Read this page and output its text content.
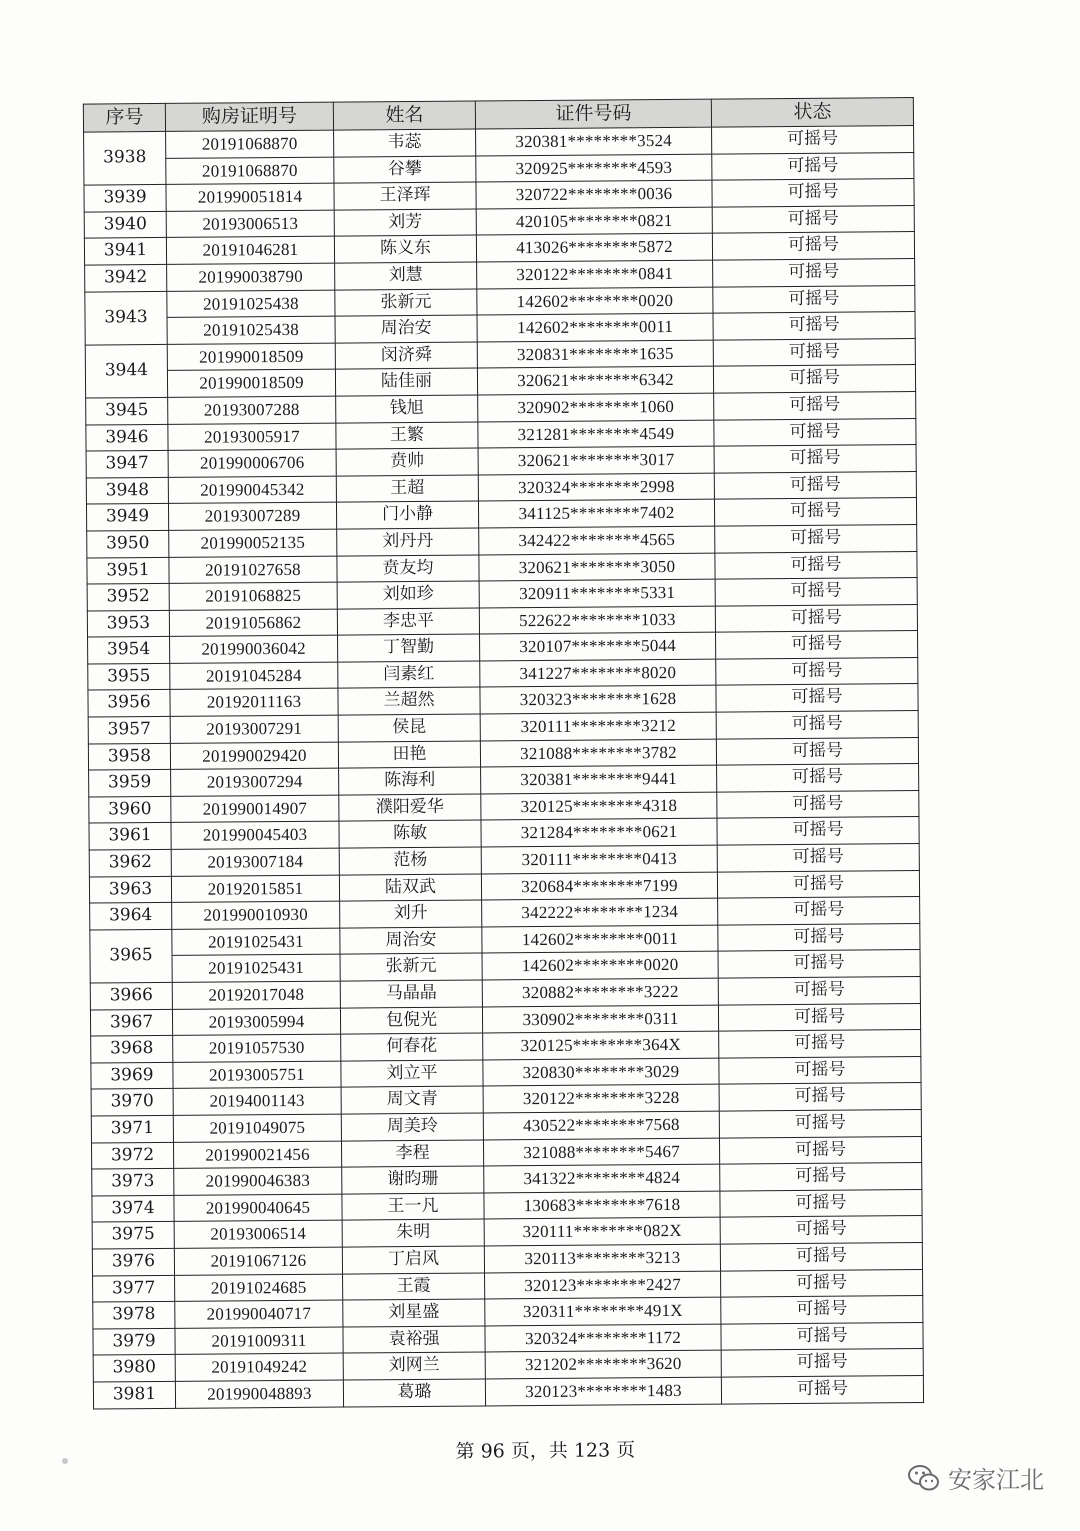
序号	购房证明号	姓名	证件号码	状态
3938	20191068870	韦蕊	320381********3524	可摇号
	20191068870	谷攀	320925********4593	可摇号
3939	201990051814	王泽珲	320722********0036	可摇号
3940	20193006513	刘芳	420105********0821	可摇号
3941	20191046281	陈义东	413026********5872	可摇号
3942	201990038790	刘慧	320122********0841	可摇号
3943	20191025438	张新元	142602********0020	可摇号
	20191025438	周治安	142602********0011	可摇号
3944	201990018509	闵济舜	320831********1635	可摇号
	201990018509	陆佳丽	320621********6342	可摇号
3945	20193007288	钱旭	320902********1060	可摇号
3946	20193005917	王繁	321281********4549	可摇号
3947	201990006706	贲帅	320621********3017	可摇号
3948	201990045342	王超	320324********2998	可摇号
3949	20193007289	门小静	341125********7402	可摇号
3950	201990052135	刘丹丹	342422********4565	可摇号
3951	20191027658	贲友均	320621********3050	可摇号
3952	20191068825	刘如珍	320911********5331	可摇号
3953	20191056862	李忠平	522622********1033	可摇号
3954	201990036042	丁智勤	320107********5044	可摇号
3955	20191045284	闫素红	341227********8020	可摇号
3956	20192011163	兰超然	320323********1628	可摇号
3957	20193007291	侯昆	320111********3212	可摇号
3958	201990029420	田艳	321088********3782	可摇号
3959	20193007294	陈海利	320381********9441	可摇号
3960	201990014907	濮阳爱华	320125********4318	可摇号
3961	201990045403	陈敏	321284********0621	可摇号
3962	20193007184	范杨	320111********0413	可摇号
3963	20192015851	陆双武	320684********7199	可摇号
3964	201990010930	刘升	342222********1234	可摇号
3965	20191025431	周治安	142602********0011	可摇号
	20191025431	张新元	142602********0020	可摇号
3966	20192017048	马晶晶	320882********3222	可摇号
3967	20193005994	包倪光	330902********0311	可摇号
3968	20191057530	何春花	320125********364X	可摇号
3969	20193005751	刘立平	320830********3029	可摇号
3970	20194001143	周文青	320122********3228	可摇号
3971	20191049075	周美玲	430522********7568	可摇号
3972	201990021456	李程	321088********5467	可摇号
3973	201990046383	谢昀珊	341322********4824	可摇号
3974	201990040645	王一凡	130683********7618	可摇号
3975	20193006514	朱明	320111********082X	可摇号
3976	20191067126	丁启风	320113********3213	可摇号
3977	20191024685	王霞	320123********2427	可摇号
3978	201990040717	刘星盛	320311********491X	可摇号
3979	20191009311	袁裕强	320324********1172	可摇号
3980	20191049242	刘网兰	321202********3620	可摇号
3981	201990048893	葛璐	320123********1483	可摇号
第 96 页，共 123 页
安家江北
